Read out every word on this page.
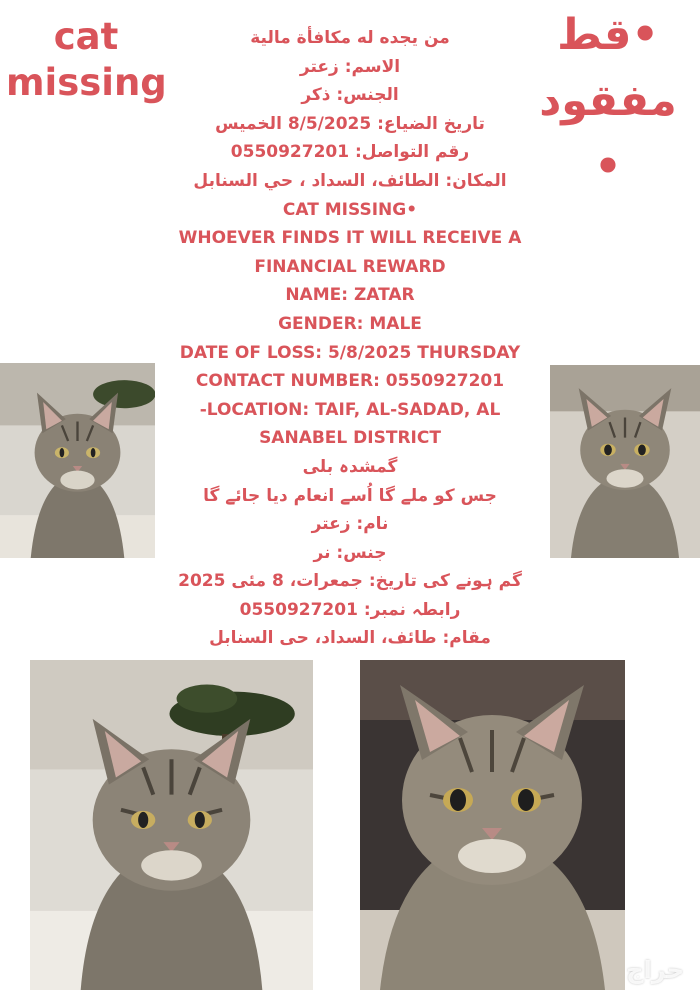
cat
missing
•قط
مفقود •
من يجده له مكافأة مالية
الاسم: زعتر
الجنس: ذكر
تاريخ الضياع: 8/5/2025 الخميس
رقم التواصل: 0550927201
المكان: الطائف، السداد ، حي السنابل
CAT MISSING•
WHOEVER FINDS IT WILL RECEIVE A FINANCIAL REWARD
NAME: ZATAR
GENDER: MALE
DATE OF LOSS: 5/8/2025 THURSDAY
CONTACT NUMBER: 0550927201
-LOCATION: TAIF, AL-SADAD, AL SANABEL DISTRICT
گمشدہ بلی
جس کو ملے گا اُسے انعام دیا جائے گا
نام: زعتر
جنس: نر
گم ہونے کی تاریخ: جمعرات، 8 مئی 2025
رابطہ نمبر: 0550927201
مقام: طائف، السداد، حی السنابل
حراج
